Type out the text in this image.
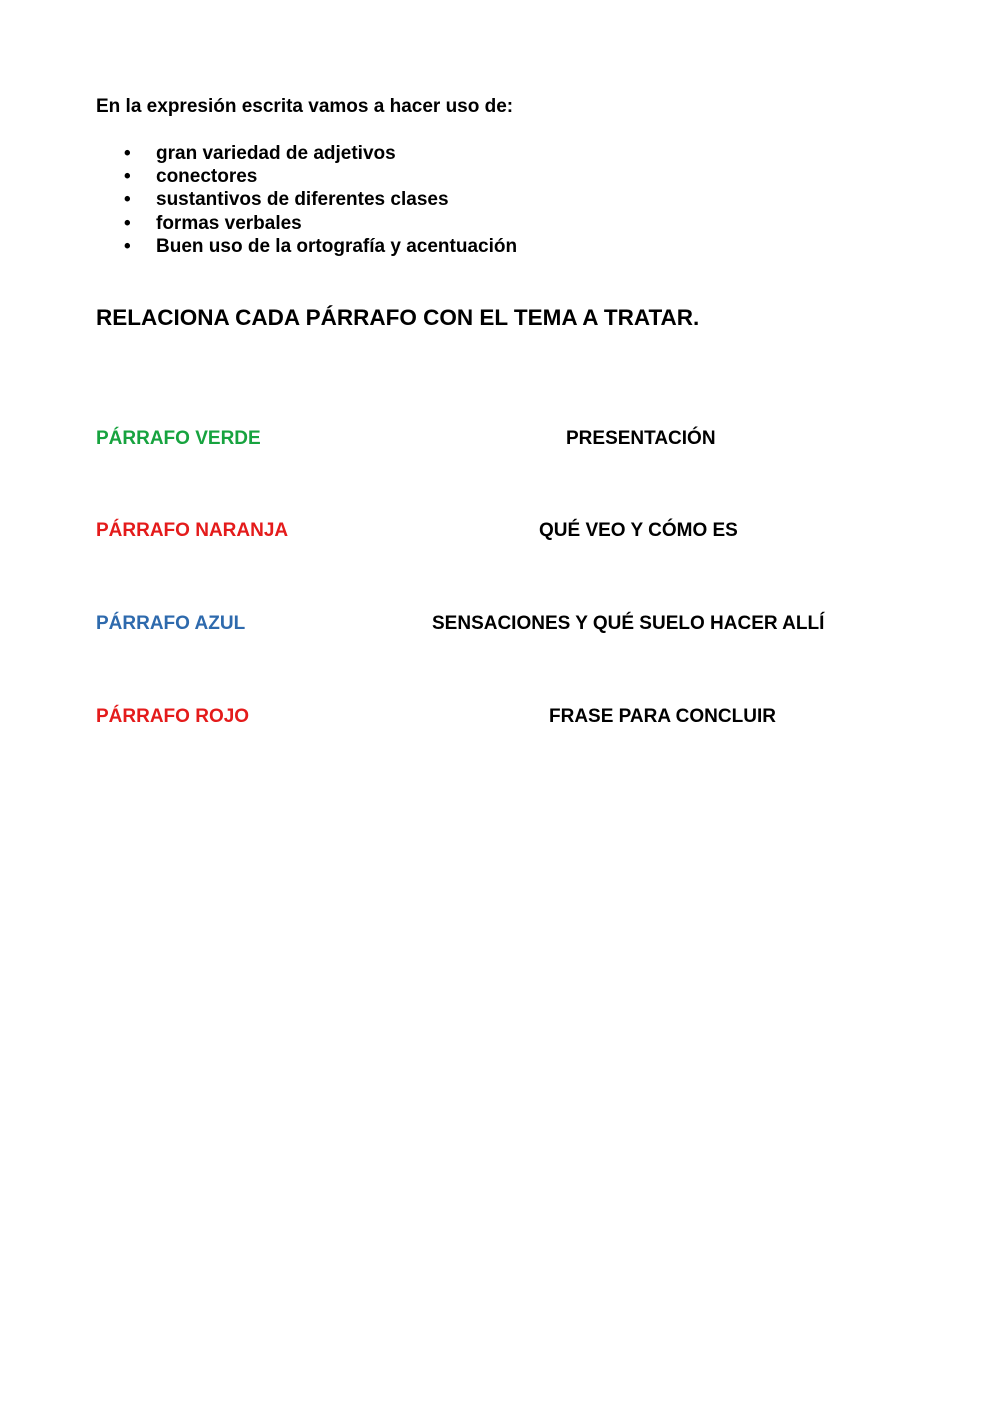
En la expresión escrita vamos a hacer uso de:
•	gran variedad de adjetivos
•	conectores
•	sustantivos de diferentes clases
•	formas verbales
•	Buen uso de la ortografía y acentuación
RELACIONA CADA PÁRRAFO CON EL TEMA A TRATAR.
PÁRRAFO VERDE	PRESENTACIÓN
PÁRRAFO NARANJA	QUÉ VEO Y CÓMO ES
PÁRRAFO AZUL	SENSACIONES Y QUÉ SUELO HACER ALLÍ
PÁRRAFO ROJO	FRASE PARA CONCLUIR
